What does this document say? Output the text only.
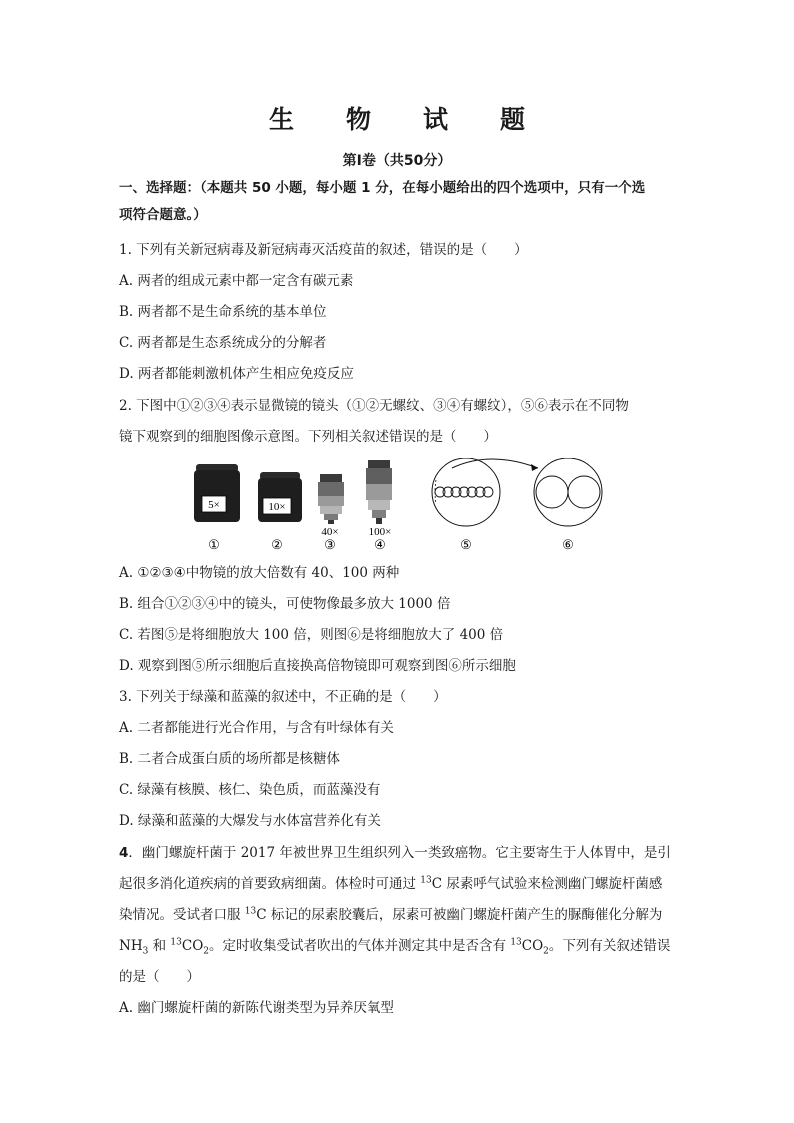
生 物 试 题
第Ⅰ卷（共50分）
一、选择题：（本题共 50 小题，每小题 1 分，在每小题给出的四个选项中，只有一个选
项符合题意。）
1. 下列有关新冠病毒及新冠病毒灭活疫苗的叙述，错误的是（　　）
A. 两者的组成元素中都一定含有碳元素
B. 两者都不是生命系统的基本单位
C. 两者都是生态系统成分的分解者
D. 两者都能刺激机体产生相应免疫反应
2. 下图中①②③④表示显微镜的镜头（①②无螺纹、③④有螺纹），⑤⑥表示在不同物
镜下观察到的细胞图像示意图。下列相关叙述错误的是（　　）
5×	10×
40×	100×
①	②	③	④	⑤	⑥
A. ①②③④中物镜的放大倍数有 40、100 两种
B. 组合①②③④中的镜头，可使物像最多放大 1000 倍
C. 若图⑤是将细胞放大 100 倍，则图⑥是将细胞放大了 400 倍
D. 观察到图⑤所示细胞后直接换高倍物镜即可观察到图⑥所示细胞
3. 下列关于绿藻和蓝藻的叙述中，不正确的是（　　）
A. 二者都能进行光合作用，与含有叶绿体有关
B. 二者合成蛋白质的场所都是核糖体
C. 绿藻有核膜、核仁、染色质，而蓝藻没有
D. 绿藻和蓝藻的大爆发与水体富营养化有关
4．幽门螺旋杆菌于 2017 年被世界卫生组织列入一类致癌物。它主要寄生于人体胃中，是引
起很多消化道疾病的首要致病细菌。体检时可通过 $^{13}$C 尿素呼气试验来检测幽门螺旋杆菌感
染情况。受试者口服 $^{13}$C 标记的尿素胶囊后，尿素可被幽门螺旋杆菌产生的脲酶催化分解为
$NH_3$ 和 $^{13}CO_2$。定时收集受试者吹出的气体并测定其中是否含有 $^{13}CO_2$。下列有关叙述错误
的是（　　）
A. 幽门螺旋杆菌的新陈代谢类型为异养厌氧型
